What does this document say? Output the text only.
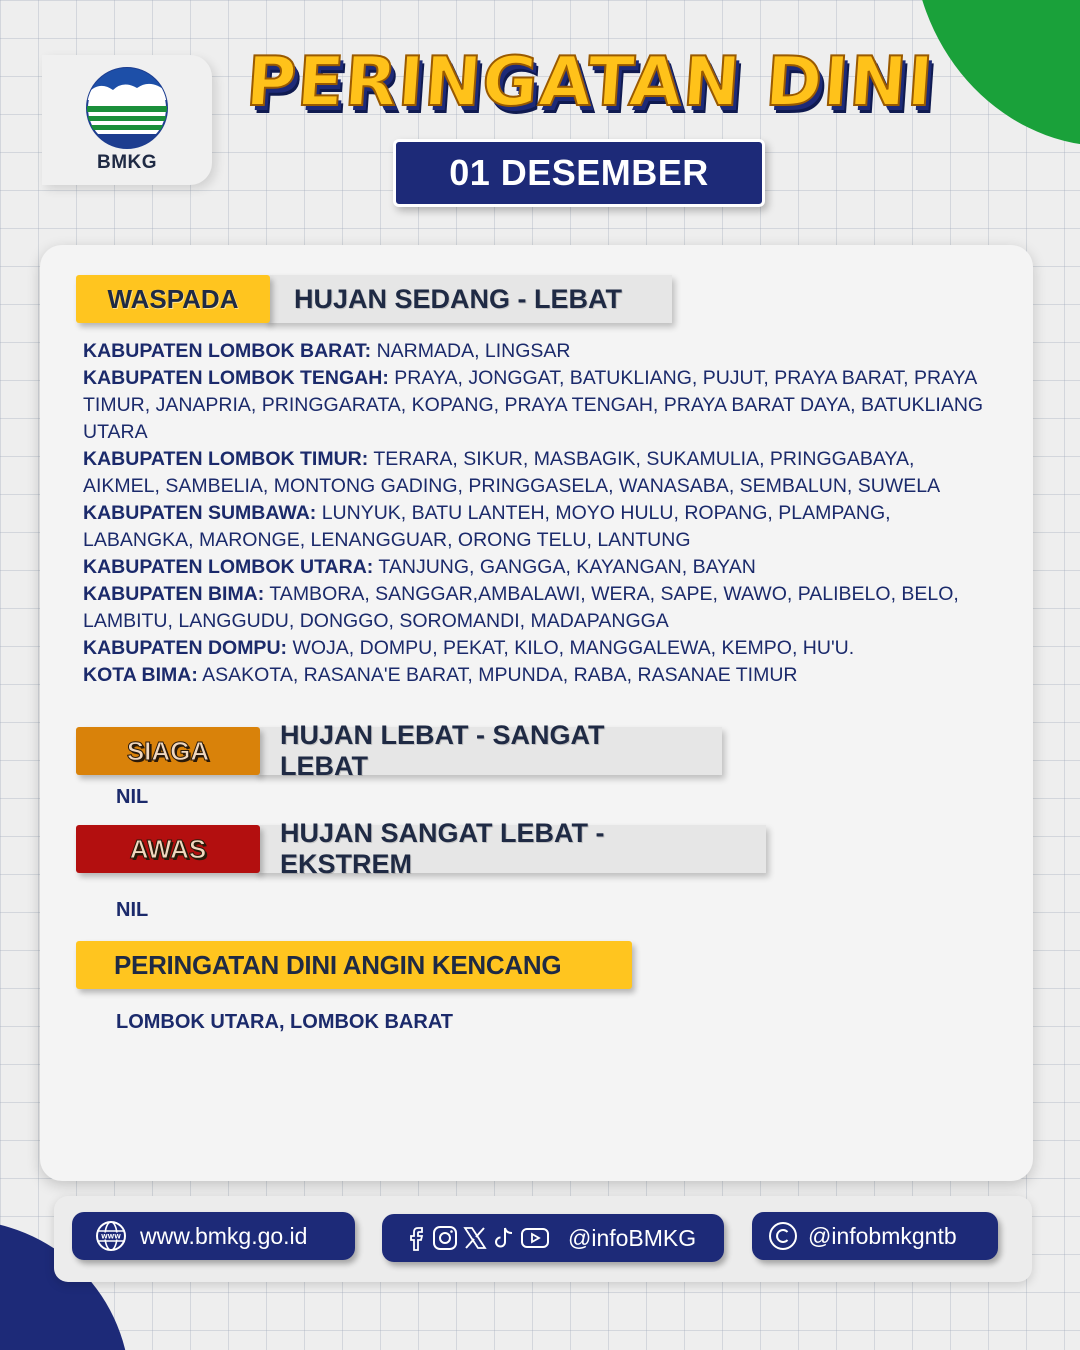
BMKG
PERINGATAN DINI
01 DESEMBER
WASPADA	HUJAN SEDANG - LEBAT
KABUPATEN LOMBOK BARAT: NARMADA, LINGSAR
KABUPATEN LOMBOK TENGAH: PRAYA, JONGGAT, BATUKLIANG, PUJUT, PRAYA BARAT, PRAYA TIMUR, JANAPRIA, PRINGGARATA, KOPANG, PRAYA TENGAH, PRAYA BARAT DAYA, BATUKLIANG UTARA
KABUPATEN LOMBOK TIMUR: TERARA, SIKUR, MASBAGIK, SUKAMULIA, PRINGGABAYA, AIKMEL, SAMBELIA, MONTONG GADING, PRINGGASELA, WANASABA, SEMBALUN, SUWELA
KABUPATEN SUMBAWA: LUNYUK, BATU LANTEH, MOYO HULU, ROPANG, PLAMPANG, LABANGKA, MARONGE, LENANGGUAR, ORONG TELU, LANTUNG
KABUPATEN LOMBOK UTARA: TANJUNG, GANGGA, KAYANGAN, BAYAN
KABUPATEN BIMA: TAMBORA, SANGGAR,AMBALAWI, WERA, SAPE, WAWO, PALIBELO, BELO, LAMBITU, LANGGUDU, DONGGO, SOROMANDI, MADAPANGGA
KABUPATEN DOMPU: WOJA, DOMPU, PEKAT, KILO, MANGGALEWA, KEMPO, HU'U.
KOTA BIMA: ASAKOTA, RASANA'E BARAT, MPUNDA, RABA, RASANAE TIMUR
SIAGA
HUJAN LEBAT - SANGAT LEBAT
NIL
AWAS
HUJAN SANGAT LEBAT - EKSTREM
NIL
PERINGATAN DINI ANGIN KENCANG
LOMBOK UTARA, LOMBOK BARAT
WWW www.bmkg.go.id	@infoBMKG	@infobmkgntb
